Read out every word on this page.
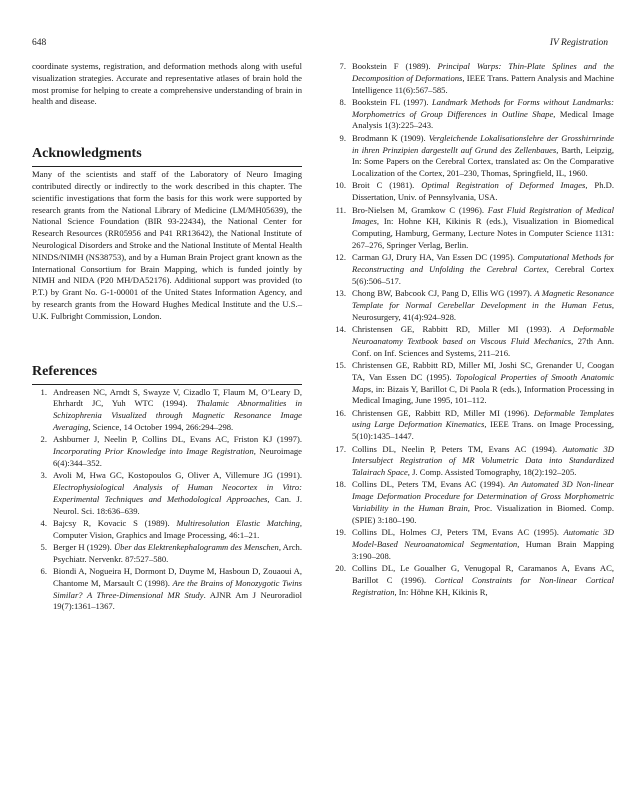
648	IV Registration

coordinate systems, registration, and deformation methods along with useful visualization strategies. Accurate and representative atlases of brain hold the most promise for helping to create a comprehensive understanding of brain in health and disease.

Acknowledgments

Many of the scientists and staff of the Laboratory of Neuro Imaging contributed directly or indirectly to the work described in this chapter. The scientific investigations that form the basis for this work were supported by research grants from the National Library of Medicine (LM/MH05639), the National Science Foundation (BIR 93-22434), the National Center for Research Resources (RR05956 and P41 RR13642), the National Institute of Neurological Disorders and Stroke and the National Institute of Mental Health NINDS/NIMH (NS38753), and by a Human Brain Project grant known as the International Consortium for Brain Mapping, which is funded jointly by NIMH and NIDA (P20 MH/DA52176). Additional support was provided (to P.T.) by Grant No. G-1-00001 of the United States Information Agency, and by research grants from the Howard Hughes Medical Institute and the U.S.–U.K. Fulbright Commission, London.

References
1. Andreasen NC, Arndt S, Swayze V, Cizadlo T, Flaum M, O’Leary D, Ehrhardt JC, Yuh WTC (1994). Thalamic Abnormalities in Schizophrenia Visualized through Magnetic Resonance Image Averaging, Science, 14 October 1994, 266:294–298.
2. Ashburner J, Neelin P, Collins DL, Evans AC, Friston KJ (1997). Incorporating Prior Knowledge into Image Registration, Neuroimage 6(4):344–352.
3. Avoli M, Hwa GC, Kostopoulos G, Oliver A, Villemure JG (1991). Electrophysiological Analysis of Human Neocortex in Vitro: Experimental Techniques and Methodological Approaches, Can. J. Neurol. Sci. 18:636–639.
4. Bajcsy R, Kovacic S (1989). Multiresolution Elastic Matching, Computer Vision, Graphics and Image Processing, 46:1–21.
5. Berger H (1929). Über das Elektrenkephalogramm des Menschen, Arch. Psychiatr. Nervenkr. 87:527–580.
6. Biondi A, Nogueira H, Dormont D, Duyme M, Hasboun D, Zouaoui A, Chantome M, Marsault C (1998). Are the Brains of Monozygotic Twins Similar? A Three-Dimensional MR Study. AJNR Am J Neuroradiol 19(7):1361–1367.
7. Bookstein F (1989). Principal Warps: Thin-Plate Splines and the Decomposition of Deformations, IEEE Trans. Pattern Analysis and Machine Intelligence 11(6):567–585.
8. Bookstein FL (1997). Landmark Methods for Forms without Landmarks: Morphometrics of Group Differences in Outline Shape, Medical Image Analysis 1(3):225–243.
9. Brodmann K (1909). Vergleichende Lokalisationslehre der Grosshirnrinde in ihren Prinzipien dargestellt auf Grund des Zellenbaues, Barth, Leipzig, In: Some Papers on the Cerebral Cortex, translated as: On the Comparative Localization of the Cortex, 201–230, Thomas, Springfield, IL, 1960.
10. Broit C (1981). Optimal Registration of Deformed Images, Ph.D. Dissertation, Univ. of Pennsylvania, USA.
11. Bro-Nielsen M, Gramkow C (1996). Fast Fluid Registration of Medical Images, In: Hohne KH, Kikinis R (eds.), Visualization in Biomedical Computing, Hamburg, Germany, Lecture Notes in Computer Science 1131: 267–276, Springer Verlag, Berlin.
12. Carman GJ, Drury HA, Van Essen DC (1995). Computational Methods for Reconstructing and Unfolding the Cerebral Cortex, Cerebral Cortex 5(6):506–517.
13. Chong BW, Babcook CJ, Pang D, Ellis WG (1997). A Magnetic Resonance Template for Normal Cerebellar Development in the Human Fetus, Neurosurgery, 41(4):924–928.
14. Christensen GE, Rabbitt RD, Miller MI (1993). A Deformable Neuroanatomy Textbook based on Viscous Fluid Mechanics, 27th Ann. Conf. on Inf. Sciences and Systems, 211–216.
15. Christensen GE, Rabbitt RD, Miller MI, Joshi SC, Grenander U, Coogan TA, Van Essen DC (1995). Topological Properties of Smooth Anatomic Maps, in: Bizais Y, Barillot C, Di Paola R (eds.), Information Processing in Medical Imaging, June 1995, 101–112.
16. Christensen GE, Rabbitt RD, Miller MI (1996). Deformable Templates using Large Deformation Kinematics, IEEE Trans. on Image Processing, 5(10):1435–1447.
17. Collins DL, Neelin P, Peters TM, Evans AC (1994). Automatic 3D Intersubject Registration of MR Volumetric Data into Standardized Talairach Space, J. Comp. Assisted Tomography, 18(2):192–205.
18. Collins DL, Peters TM, Evans AC (1994). An Automated 3D Non-linear Image Deformation Procedure for Determination of Gross Morphometric Variability in the Human Brain, Proc. Visualization in Biomed. Comp. (SPIE) 3:180–190.
19. Collins DL, Holmes CJ, Peters TM, Evans AC (1995). Automatic 3D Model-Based Neuroanatomical Segmentation, Human Brain Mapping 3:190–208.
20. Collins DL, Le Goualher G, Venugopal R, Caramanos A, Evans AC, Barillot C (1996). Cortical Constraints for Non-linear Cortical Registration, In: Höhne KH, Kikinis R,
